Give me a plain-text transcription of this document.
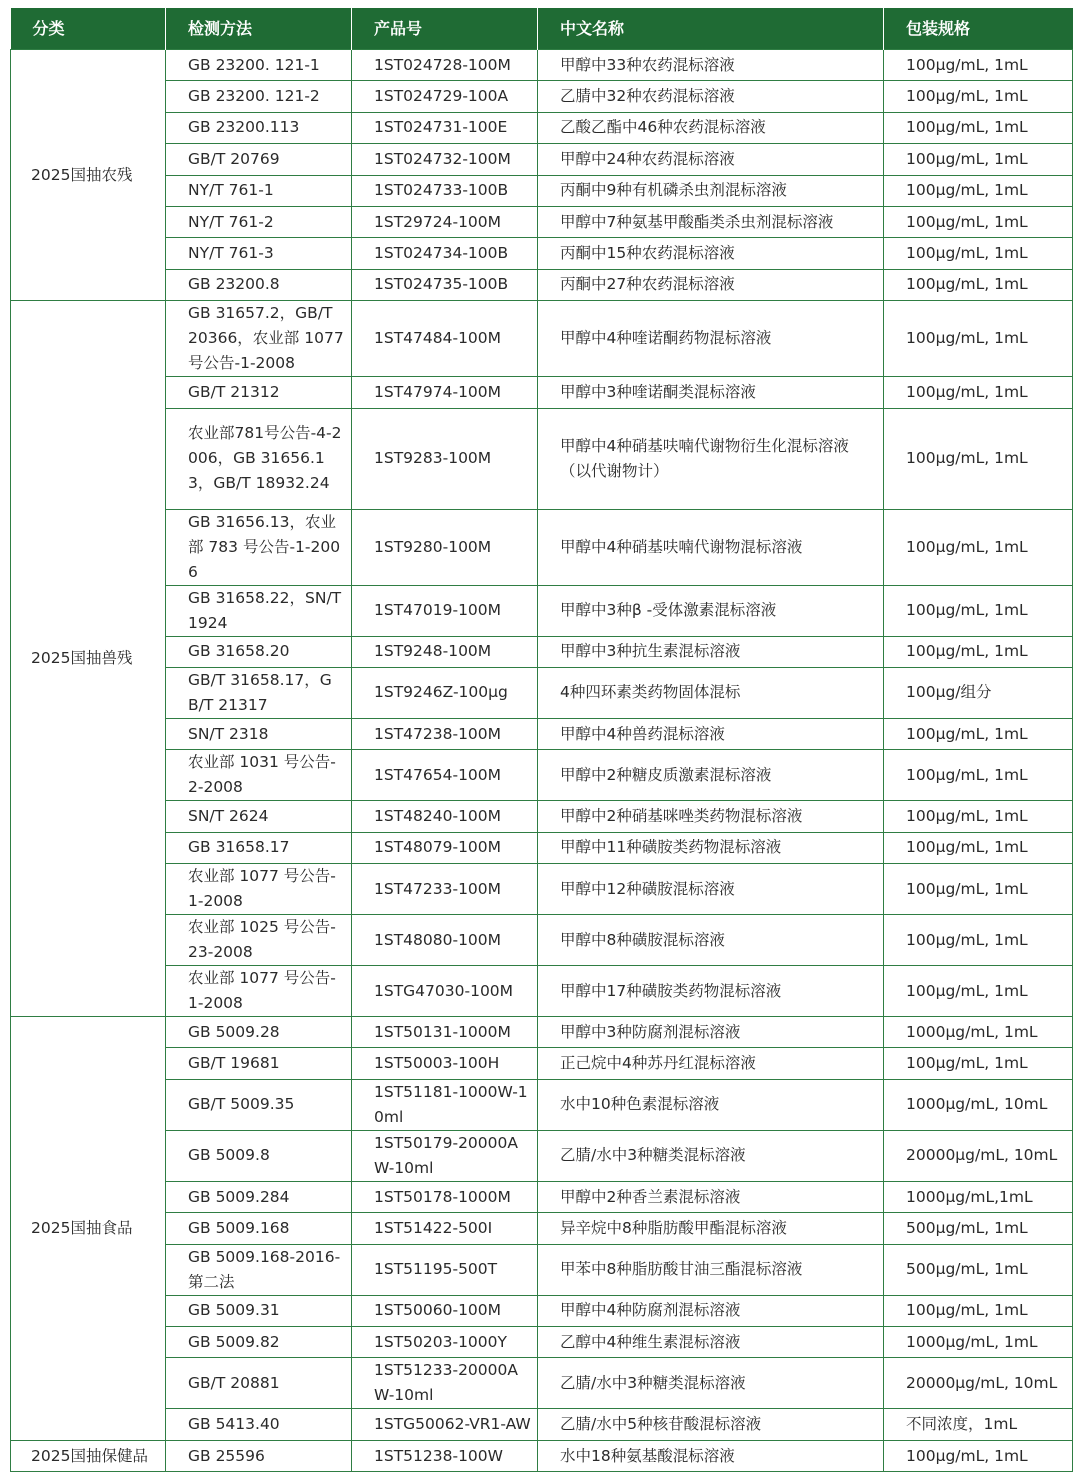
分类	检测方法	产品号	中文名称	包装规格
2025国抽农残	GB 23200. 121-1	1ST024728-100M	甲醇中33种农药混标溶液	100μg/mL, 1mL
	GB 23200. 121-2	1ST024729-100A	乙腈中32种农药混标溶液	100μg/mL, 1mL
	GB 23200.113	1ST024731-100E	乙酸乙酯中46种农药混标溶液	100μg/mL, 1mL
	GB/T 20769	1ST024732-100M	甲醇中24种农药混标溶液	100μg/mL, 1mL
	NY/T 761-1	1ST024733-100B	丙酮中9种有机磷杀虫剂混标溶液	100μg/mL, 1mL
	NY/T 761-2	1ST29724-100M	甲醇中7种氨基甲酸酯类杀虫剂混标溶液	100μg/mL, 1mL
	NY/T 761-3	1ST024734-100B	丙酮中15种农药混标溶液	100μg/mL, 1mL
	GB 23200.8	1ST024735-100B	丙酮中27种农药混标溶液	100μg/mL, 1mL
2025国抽兽残	GB 31657.2，GB/T 20366，农业部 1077 号公告-1-2008	1ST47484-100M	甲醇中4种喹诺酮药物混标溶液	100μg/mL, 1mL
	GB/T 21312	1ST47974-100M	甲醇中3种喹诺酮类混标溶液	100μg/mL, 1mL
	农业部781号公告-4-2006，GB 31656.13，GB/T 18932.24	1ST9283-100M	甲醇中4种硝基呋喃代谢物衍生化混标溶液（以代谢物计）	100μg/mL, 1mL
	GB 31656.13，农业部 783 号公告-1-2006	1ST9280-100M	甲醇中4种硝基呋喃代谢物混标溶液	100μg/mL, 1mL
	GB 31658.22，SN/T 1924	1ST47019-100M	甲醇中3种β -受体激素混标溶液	100μg/mL, 1mL
	GB 31658.20	1ST9248-100M	甲醇中3种抗生素混标溶液	100μg/mL, 1mL
	GB/T 31658.17，GB/T 21317	1ST9246Z-100μg	4种四环素类药物固体混标	100μg/组分
	SN/T 2318	1ST47238-100M	甲醇中4种兽药混标溶液	100μg/mL, 1mL
	农业部 1031 号公告-2-2008	1ST47654-100M	甲醇中2种糖皮质激素混标溶液	100μg/mL, 1mL
	SN/T 2624	1ST48240-100M	甲醇中2种硝基咪唑类药物混标溶液	100μg/mL, 1mL
	GB 31658.17	1ST48079-100M	甲醇中11种磺胺类药物混标溶液	100μg/mL, 1mL
	农业部 1077 号公告-1-2008	1ST47233-100M	甲醇中12种磺胺混标溶液	100μg/mL, 1mL
	农业部 1025 号公告-23-2008	1ST48080-100M	甲醇中8种磺胺混标溶液	100μg/mL, 1mL
	农业部 1077 号公告-1-2008	1STG47030-100M	甲醇中17种磺胺类药物混标溶液	100μg/mL, 1mL
2025国抽食品	GB 5009.28	1ST50131-1000M	甲醇中3种防腐剂混标溶液	1000μg/mL, 1mL
	GB/T 19681	1ST50003-100H	正己烷中4种苏丹红混标溶液	100μg/mL, 1mL
	GB/T 5009.35	1ST51181-1000W-10ml	水中10种色素混标溶液	1000μg/mL, 10mL
	GB 5009.8	1ST50179-20000AW-10ml	乙腈/水中3种糖类混标溶液	20000μg/mL, 10mL
	GB 5009.284	1ST50178-1000M	甲醇中2种香兰素混标溶液	1000μg/mL,1mL
	GB 5009.168	1ST51422-500I	异辛烷中8种脂肪酸甲酯混标溶液	500μg/mL, 1mL
	GB 5009.168-2016-第二法	1ST51195-500T	甲苯中8种脂肪酸甘油三酯混标溶液	500μg/mL, 1mL
	GB 5009.31	1ST50060-100M	甲醇中4种防腐剂混标溶液	100μg/mL, 1mL
	GB 5009.82	1ST50203-1000Y	乙醇中4种维生素混标溶液	1000μg/mL, 1mL
	GB/T 20881	1ST51233-20000AW-10ml	乙腈/水中3种糖类混标溶液	20000μg/mL, 10mL
	GB 5413.40	1STG50062-VR1-AW	乙腈/水中5种核苷酸混标溶液	不同浓度，1mL
2025国抽保健品	GB 25596	1ST51238-100W	水中18种氨基酸混标溶液	100μg/mL, 1mL
